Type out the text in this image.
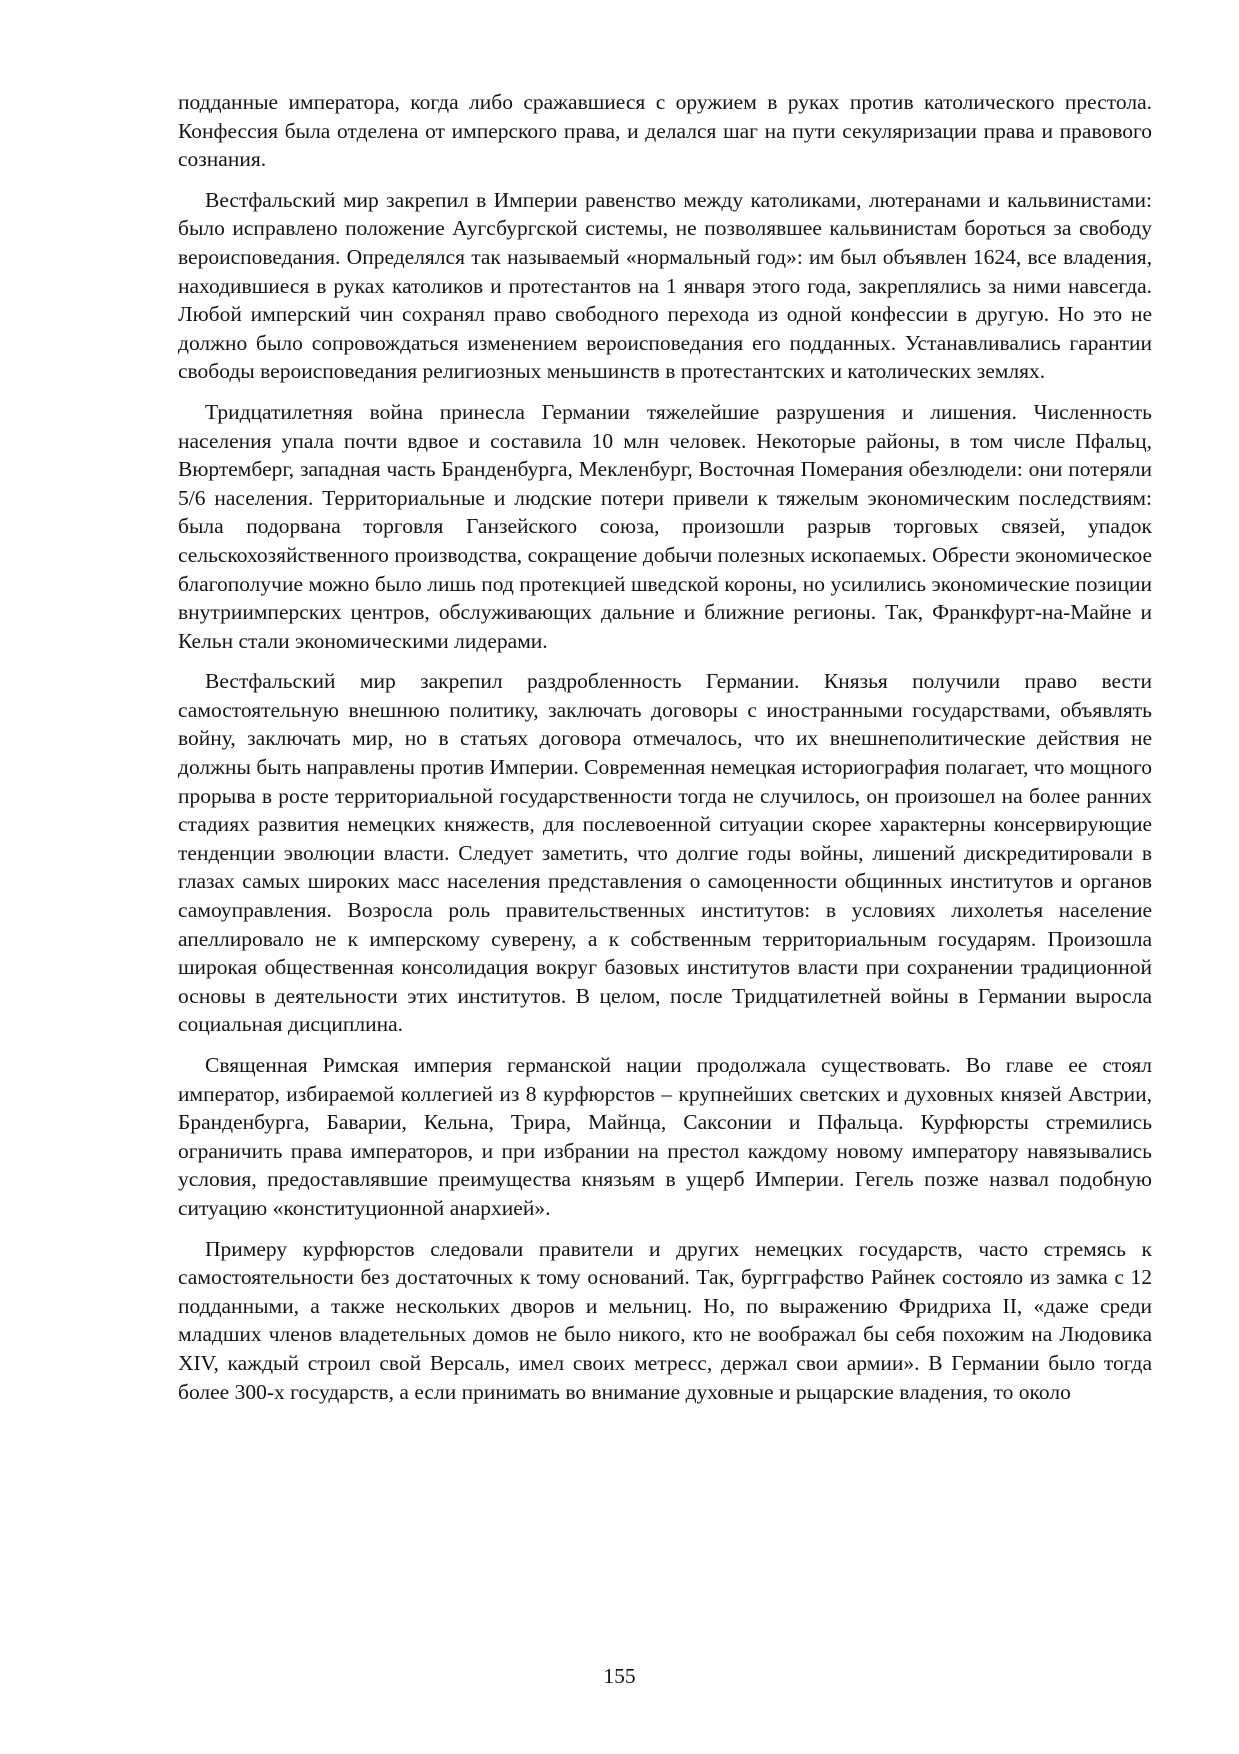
подданные императора, когда либо сражавшиеся с оружием в руках против католического престола. Конфессия была отделена от имперского права, и делался шаг на пути секуляризации права и правового сознания.

Вестфальский мир закрепил в Империи равенство между католиками, лютеранами и кальвинистами: было исправлено положение Аугсбургской системы, не позволявшее кальвинистам бороться за свободу вероисповедания. Определялся так называемый «нормальный год»: им был объявлен 1624, все владения, находившиеся в руках католиков и протестантов на 1 января этого года, закреплялись за ними навсегда. Любой имперский чин сохранял право свободного перехода из одной конфессии в другую. Но это не должно было сопровождаться изменением вероисповедания его подданных. Устанавливались гарантии свободы вероисповедания религиозных меньшинств в протестантских и католических землях.

Тридцатилетняя война принесла Германии тяжелейшие разрушения и лишения. Численность населения упала почти вдвое и составила 10 млн человек. Некоторые районы, в том числе Пфальц, Вюртемберг, западная часть Бранденбурга, Мекленбург, Восточная Померания обезлюдели: они потеряли 5/6 населения. Территориальные и людские потери привели к тяжелым экономическим последствиям: была подорвана торговля Ганзейского союза, произошли разрыв торговых связей, упадок сельскохозяйственного производства, сокращение добычи полезных ископаемых. Обрести экономическое благополучие можно было лишь под протекцией шведской короны, но усилились экономические позиции внутриимперских центров, обслуживающих дальние и ближние регионы. Так, Франкфурт-на-Майне и Кельн стали экономическими лидерами.

Вестфальский мир закрепил раздробленность Германии. Князья получили право вести самостоятельную внешнюю политику, заключать договоры с иностранными государствами, объявлять войну, заключать мир, но в статьях договора отмечалось, что их внешнеполитические действия не должны быть направлены против Империи. Современная немецкая историография полагает, что мощного прорыва в росте территориальной государственности тогда не случилось, он произошел на более ранних стадиях развития немецких княжеств, для послевоенной ситуации скорее характерны консервирующие тенденции эволюции власти. Следует заметить, что долгие годы войны, лишений дискредитировали в глазах самых широких масс населения представления о самоценности общинных институтов и органов самоуправления. Возросла роль правительственных институтов: в условиях лихолетья население апеллировало не к имперскому суверену, а к собственным территориальным государям. Произошла широкая общественная консолидация вокруг базовых институтов власти при сохранении традиционной основы в деятельности этих институтов. В целом, после Тридцатилетней войны в Германии выросла социальная дисциплина.

Священная Римская империя германской нации продолжала существовать. Во главе ее стоял император, избираемой коллегией из 8 курфюрстов – крупнейших светских и духовных князей Австрии, Бранденбурга, Баварии, Кельна, Трира, Майнца, Саксонии и Пфальца. Курфюрсты стремились ограничить права императоров, и при избрании на престол каждому новому императору навязывались условия, предоставлявшие преимущества князьям в ущерб Империи. Гегель позже назвал подобную ситуацию «конституционной анархией».

Примеру курфюрстов следовали правители и других немецких государств, часто стремясь к самостоятельности без достаточных к тому оснований. Так, бургграфство Райнек состояло из замка с 12 подданными, а также нескольких дворов и мельниц. Но, по выражению Фридриха II, «даже среди младших членов владетельных домов не было никого, кто не воображал бы себя похожим на Людовика XIV, каждый строил свой Версаль, имел своих метресс, держал свои армии». В Германии было тогда более 300-х государств, а если принимать во внимание духовные и рыцарские владения, то около

155
